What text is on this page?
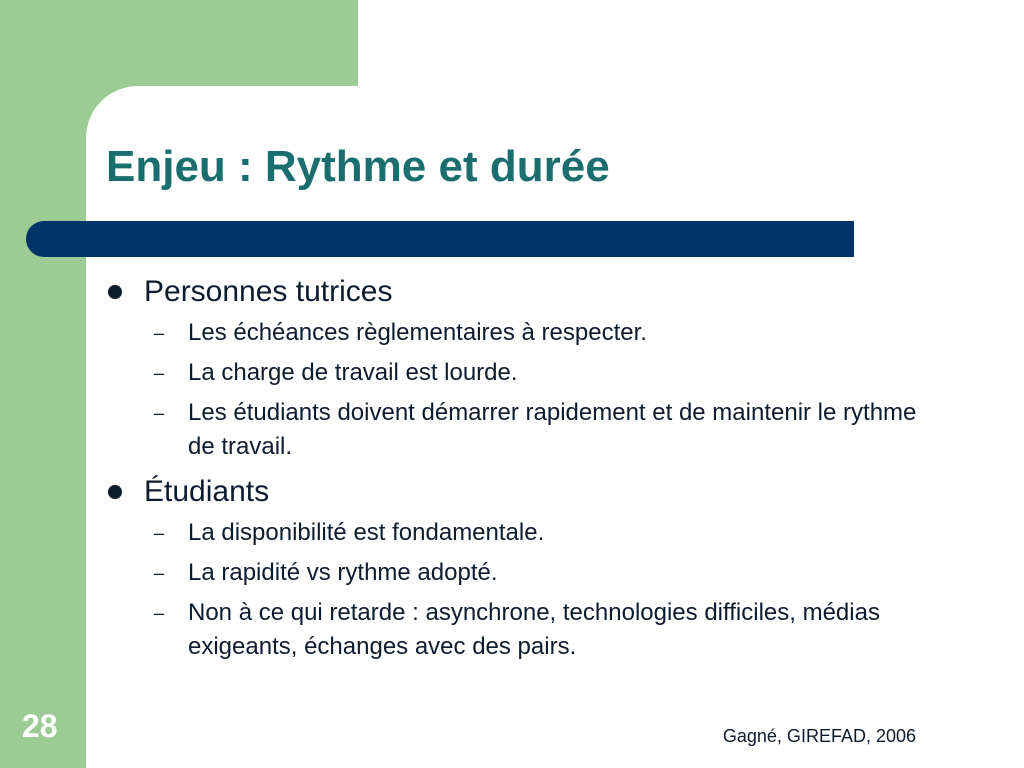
Enjeu : Rythme et durée
Personnes tutrices
– Les échéances règlementaires à respecter.
– La charge de travail est lourde.
– Les étudiants doivent démarrer rapidement et de maintenir le rythme de travail.
Étudiants
– La disponibilité est fondamentale.
– La rapidité vs rythme adopté.
– Non à ce qui retarde : asynchrone, technologies difficiles, médias exigeants, échanges avec des pairs.
28	Gagné, GIREFAD, 2006
